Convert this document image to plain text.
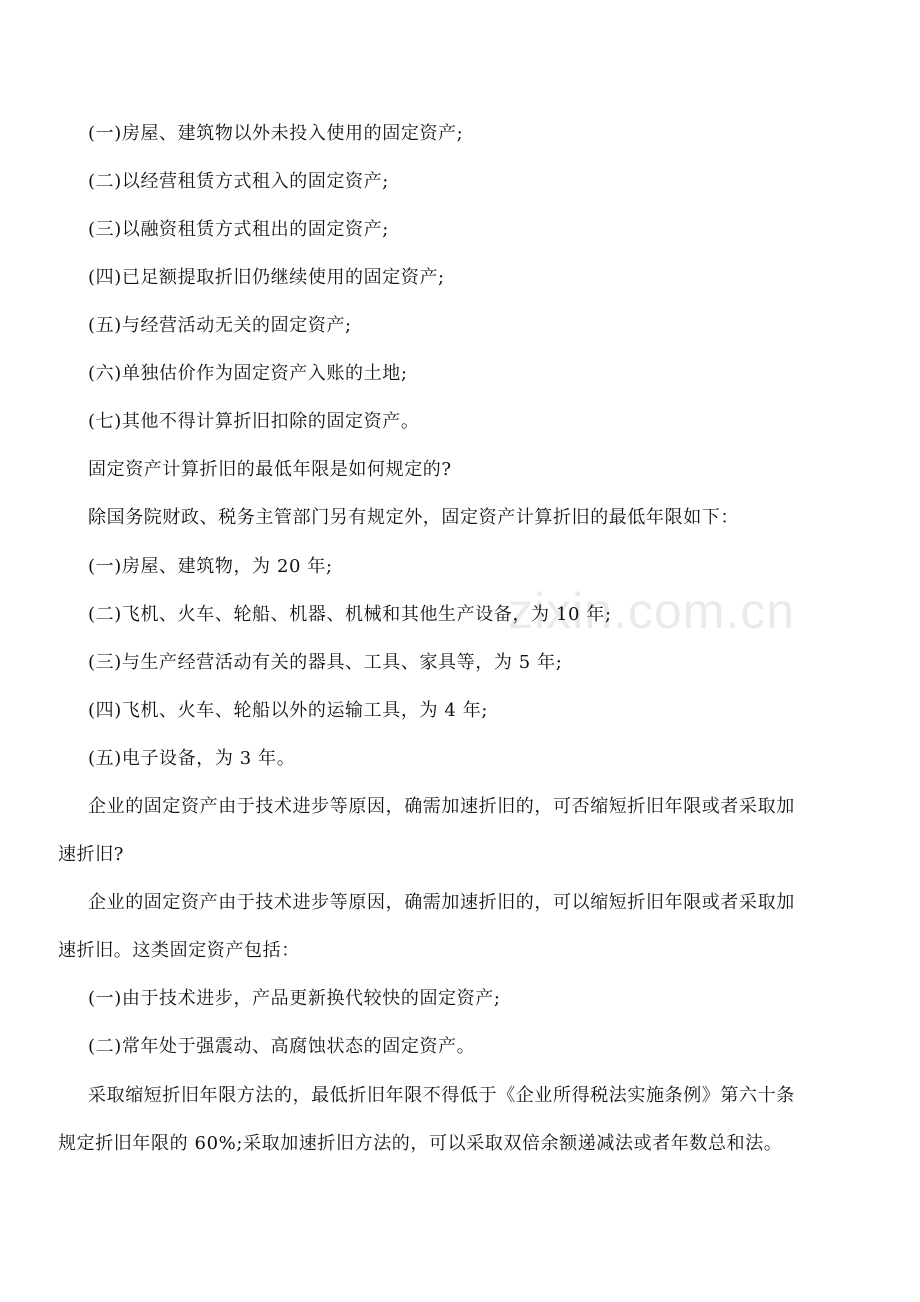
(一)房屋、建筑物以外未投入使用的固定资产;
(二)以经营租赁方式租入的固定资产;
(三)以融资租赁方式租出的固定资产;
(四)已足额提取折旧仍继续使用的固定资产;
(五)与经营活动无关的固定资产;
(六)单独估价作为固定资产入账的土地;
(七)其他不得计算折旧扣除的固定资产。
固定资产计算折旧的最低年限是如何规定的?
除国务院财政、税务主管部门另有规定外，固定资产计算折旧的最低年限如下：
(一)房屋、建筑物，为 20 年;
(二)飞机、火车、轮船、机器、机械和其他生产设备，为 10 年;
(三)与生产经营活动有关的器具、工具、家具等，为 5 年;
(四)飞机、火车、轮船以外的运输工具，为 4 年;
(五)电子设备，为 3 年。
企业的固定资产由于技术进步等原因，确需加速折旧的，可否缩短折旧年限或者采取加
速折旧?
企业的固定资产由于技术进步等原因，确需加速折旧的，可以缩短折旧年限或者采取加
速折旧。这类固定资产包括：
(一)由于技术进步，产品更新换代较快的固定资产;
(二)常年处于强震动、高腐蚀状态的固定资产。
采取缩短折旧年限方法的，最低折旧年限不得低于《企业所得税法实施条例》第六十条
规定折旧年限的 60%;采取加速折旧方法的，可以采取双倍余额递减法或者年数总和法。
zixin.com.cn
